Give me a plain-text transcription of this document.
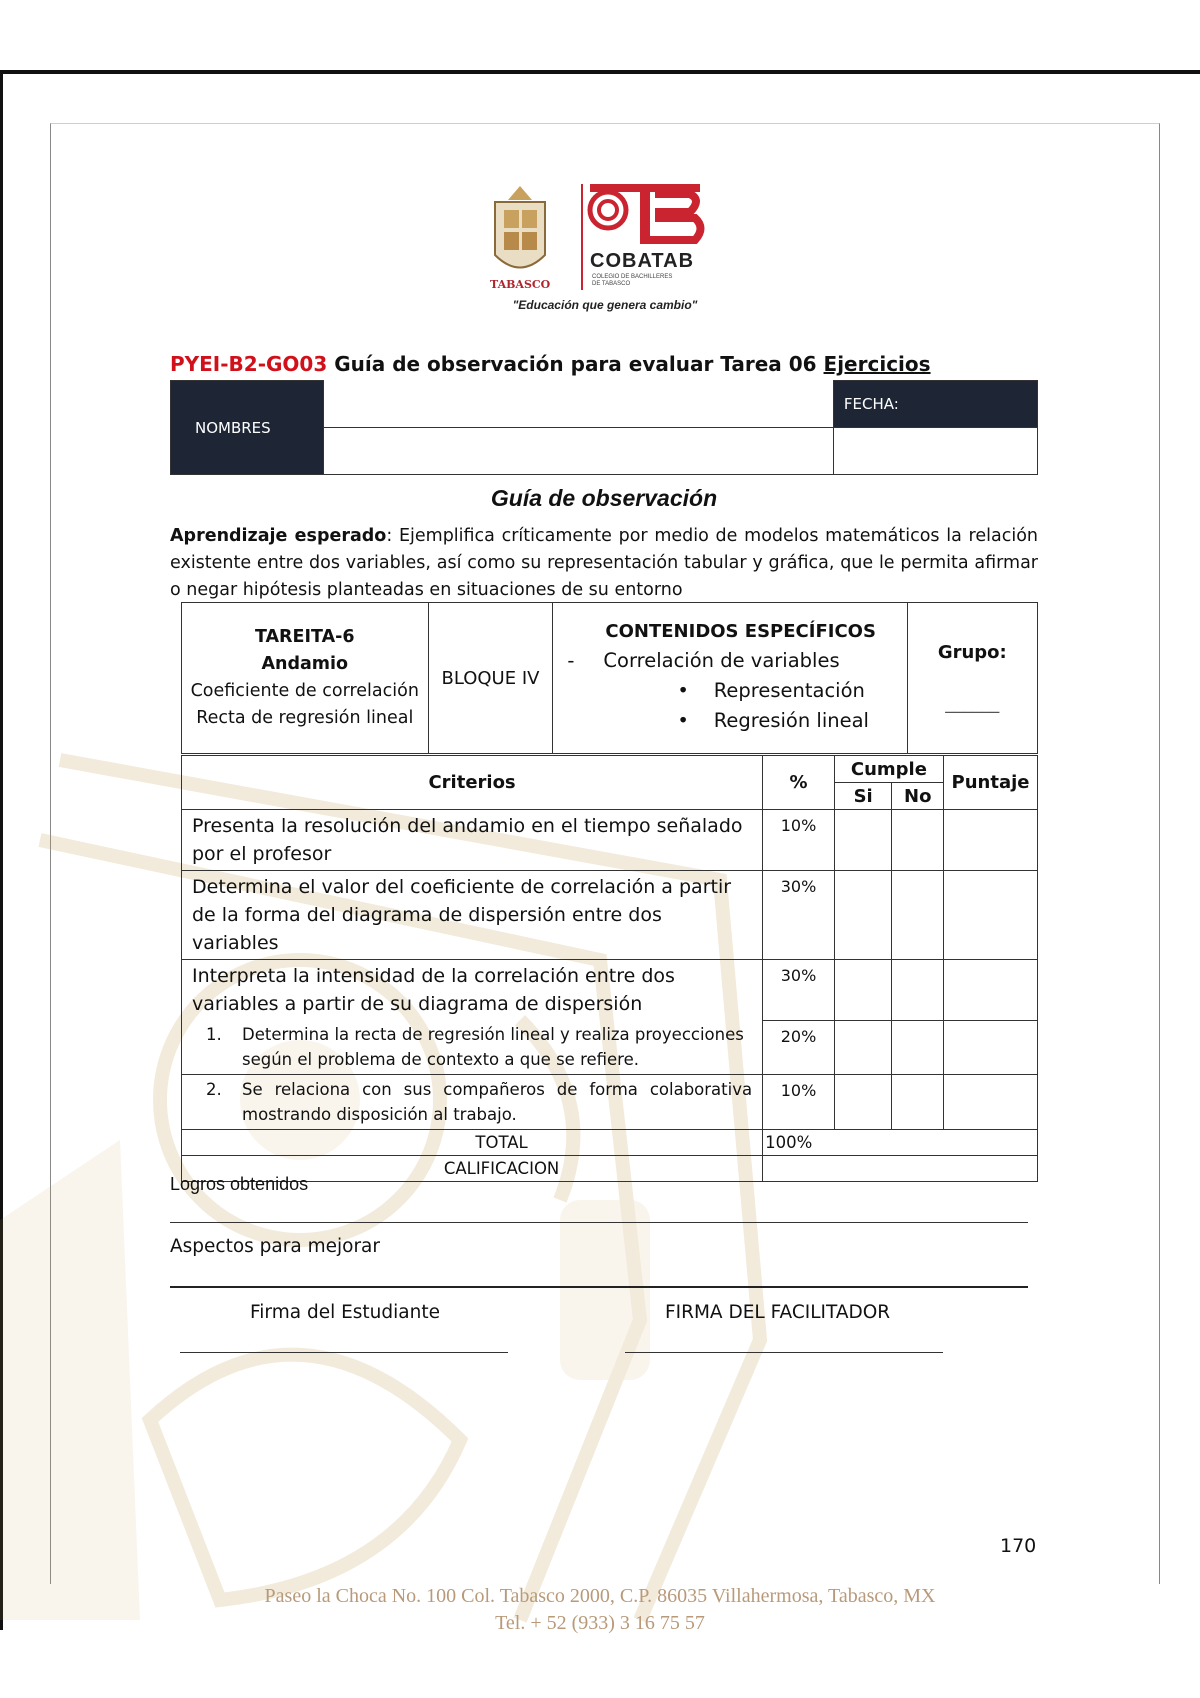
TABASCO
COBATAB
COLEGIO DE BACHILLERES
DE TABASCO
"Educación que genera cambio"
PYEI-B2-GO03 Guía de observación para evaluar Tarea 06 Ejercicios
NOMBRES		FECHA:

Guía de observación
Aprendizaje esperado: Ejemplifica críticamente por medio de modelos matemáticos la relación existente entre dos variables, así como su representación tabular y gráfica, que le permita afirmar o negar hipótesis planteadas en situaciones de su entorno
TAREITA-6
Andamio
Coeficiente de correlación
Recta de regresión lineal
	BLOQUE IV	
CONTENIDOS ESPECÍFICOS
- Correlación de variables
•    Representación
•    Regresión lineal

Grupo:
______
Criterios	%	Cumple		Puntaje
		Si	No	
Presenta la resolución del andamio en el tiempo señalado por el profesor	10%			
Determina el valor del coeficiente de correlación a partir de la forma del diagrama de dispersión entre dos variables	30%			
Interpreta la intensidad de la correlación entre dos variables a partir de su diagrama de dispersión	30%			

1. Determina la recta de regresión lineal y realiza proyecciones según el problema de contexto a que se refiere.	20%			

2. Se relaciona con sus compañeros de forma colaborativa mostrando disposición al trabajo.	10%			
TOTAL	100%			
CALIFICACION				
Logros obtenidos
Aspectos para mejorar
Firma del Estudiante	FIRMA DEL FACILITADOR
170
Paseo la Choca No. 100 Col. Tabasco 2000, C.P. 86035 Villahermosa, Tabasco, MX
Tel. + 52 (933) 3 16 75 57
